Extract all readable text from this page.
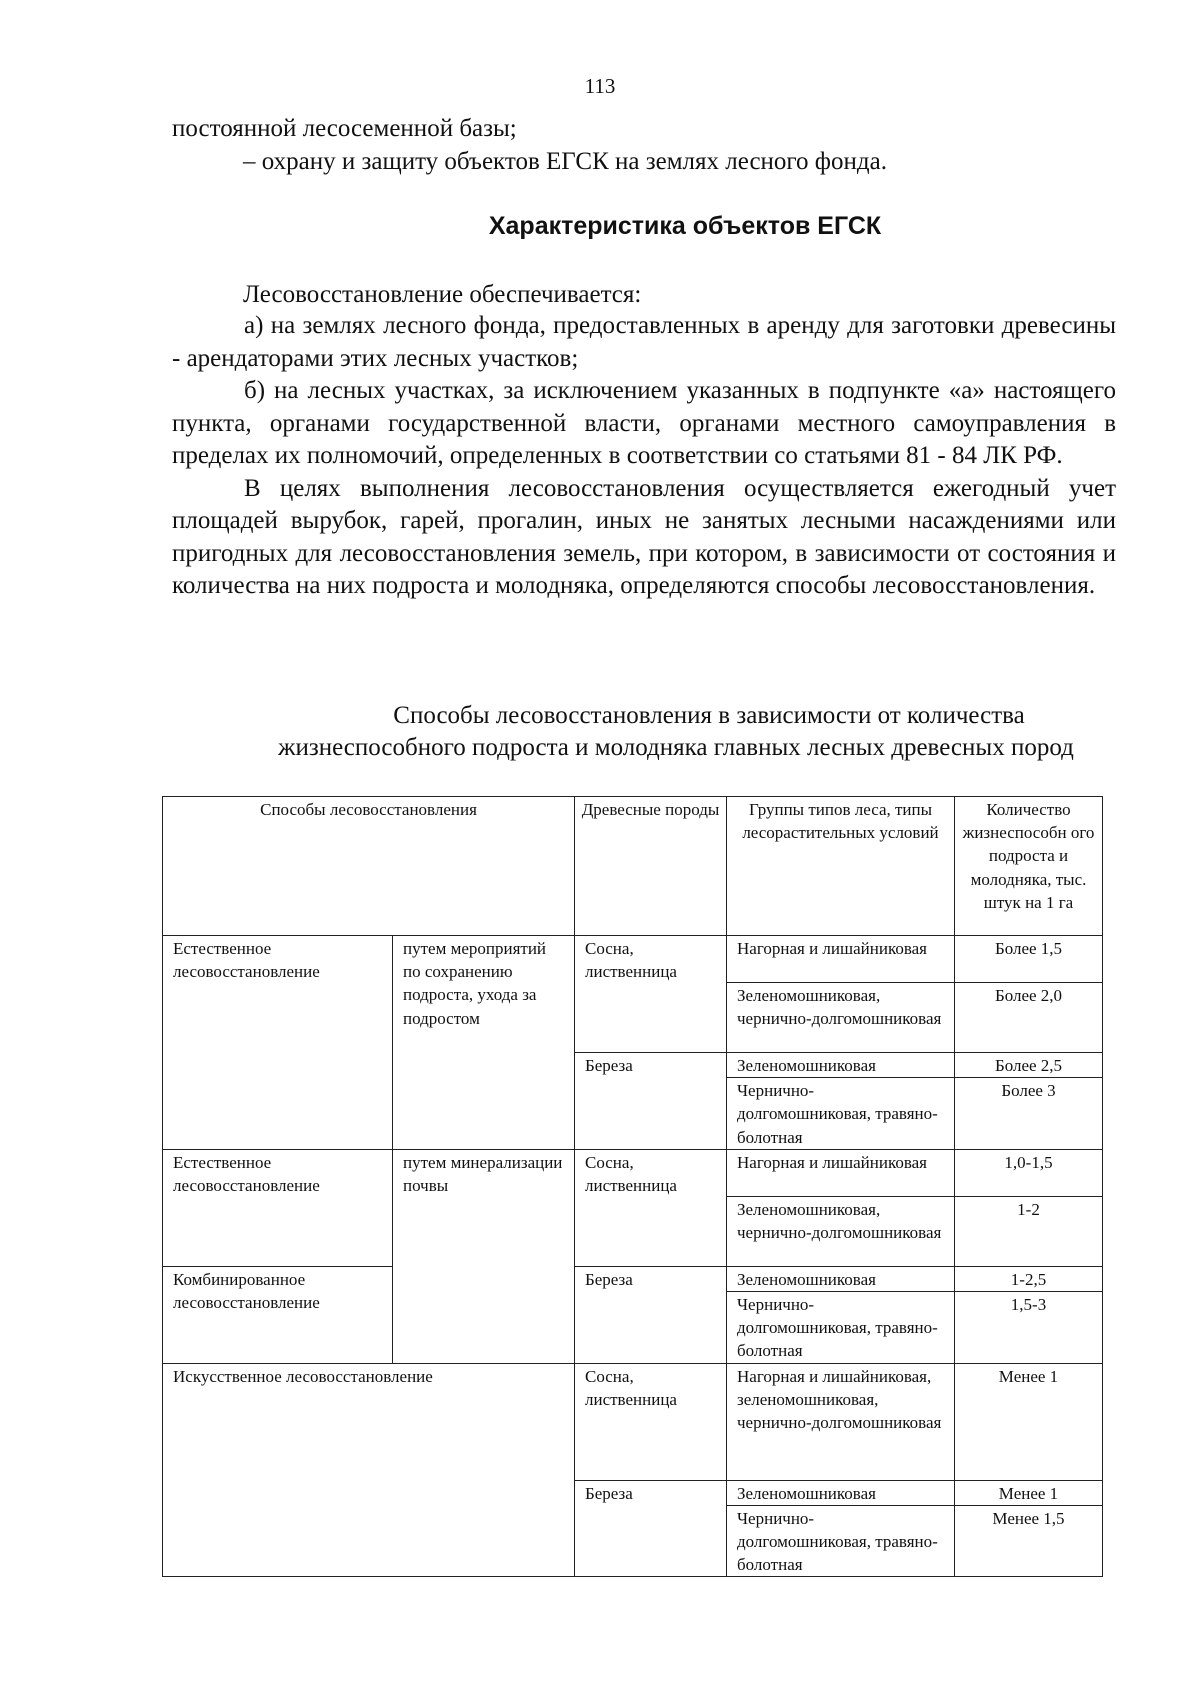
113
постоянной лесосеменной базы;
– охрану и защиту объектов ЕГСК на землях лесного фонда.
Характеристика объектов ЕГСК
Лесовосстановление обеспечивается:

а) на землях лесного фонда, предоставленных в аренду для заготовки древесины - арендаторами этих лесных участков;

б) на лесных участках, за исключением указанных в подпункте «а» настоящего пункта, органами государственной власти, органами местного самоуправления в пределах их полномочий, определенных в соответствии со статьями 81 - 84 ЛК РФ.

В целях выполнения лесовосстановления осуществляется ежегодный учет площадей вырубок, гарей, прогалин, иных не занятых лесными насаждениями или пригодных для лесовосстановления земель, при котором, в зависимости от состояния и количества на них подроста и молодняка, определяются способы лесовосстановления.

Способы лесовосстановления в зависимости от количества
жизнеспособного подроста и молодняка главных лесных древесных пород
Способы лесовосстановления		Древесные породы	Группы типов леса, типы лесорастительных условий	Количество жизнеспособн ого подроста и молодняка, тыс. штук на 1 га
Естественное лесовосстановление	путем мероприятий по сохранению подроста, ухода за подростом	Сосна, лиственница	Нагорная и лишайниковая	Более 1,5
			Зеленомошниковая, чернично-долгомошниковая	Более 2,0
		Береза	Зеленомошниковая	Более 2,5
			Чернично-долгомошниковая, травяно-болотная	Более 3
Естественное лесовосстановление	путем минерализации почвы	Сосна, лиственница	Нагорная и лишайниковая	1,0-1,5
			Зеленомошниковая, чернично-долгомошниковая	1-2
Комбинированное лесовосстановление		Береза	Зеленомошниковая	1-2,5
			Чернично-долгомошниковая, травяно-болотная	1,5-3
Искусственное лесовосстановление		Сосна, лиственница	Нагорная и лишайниковая, зеленомошниковая, чернично-долгомошниковая	Менее 1
		Береза	Зеленомошниковая	Менее 1
			Чернично-долгомошниковая, травяно-болотная	Менее 1,5
